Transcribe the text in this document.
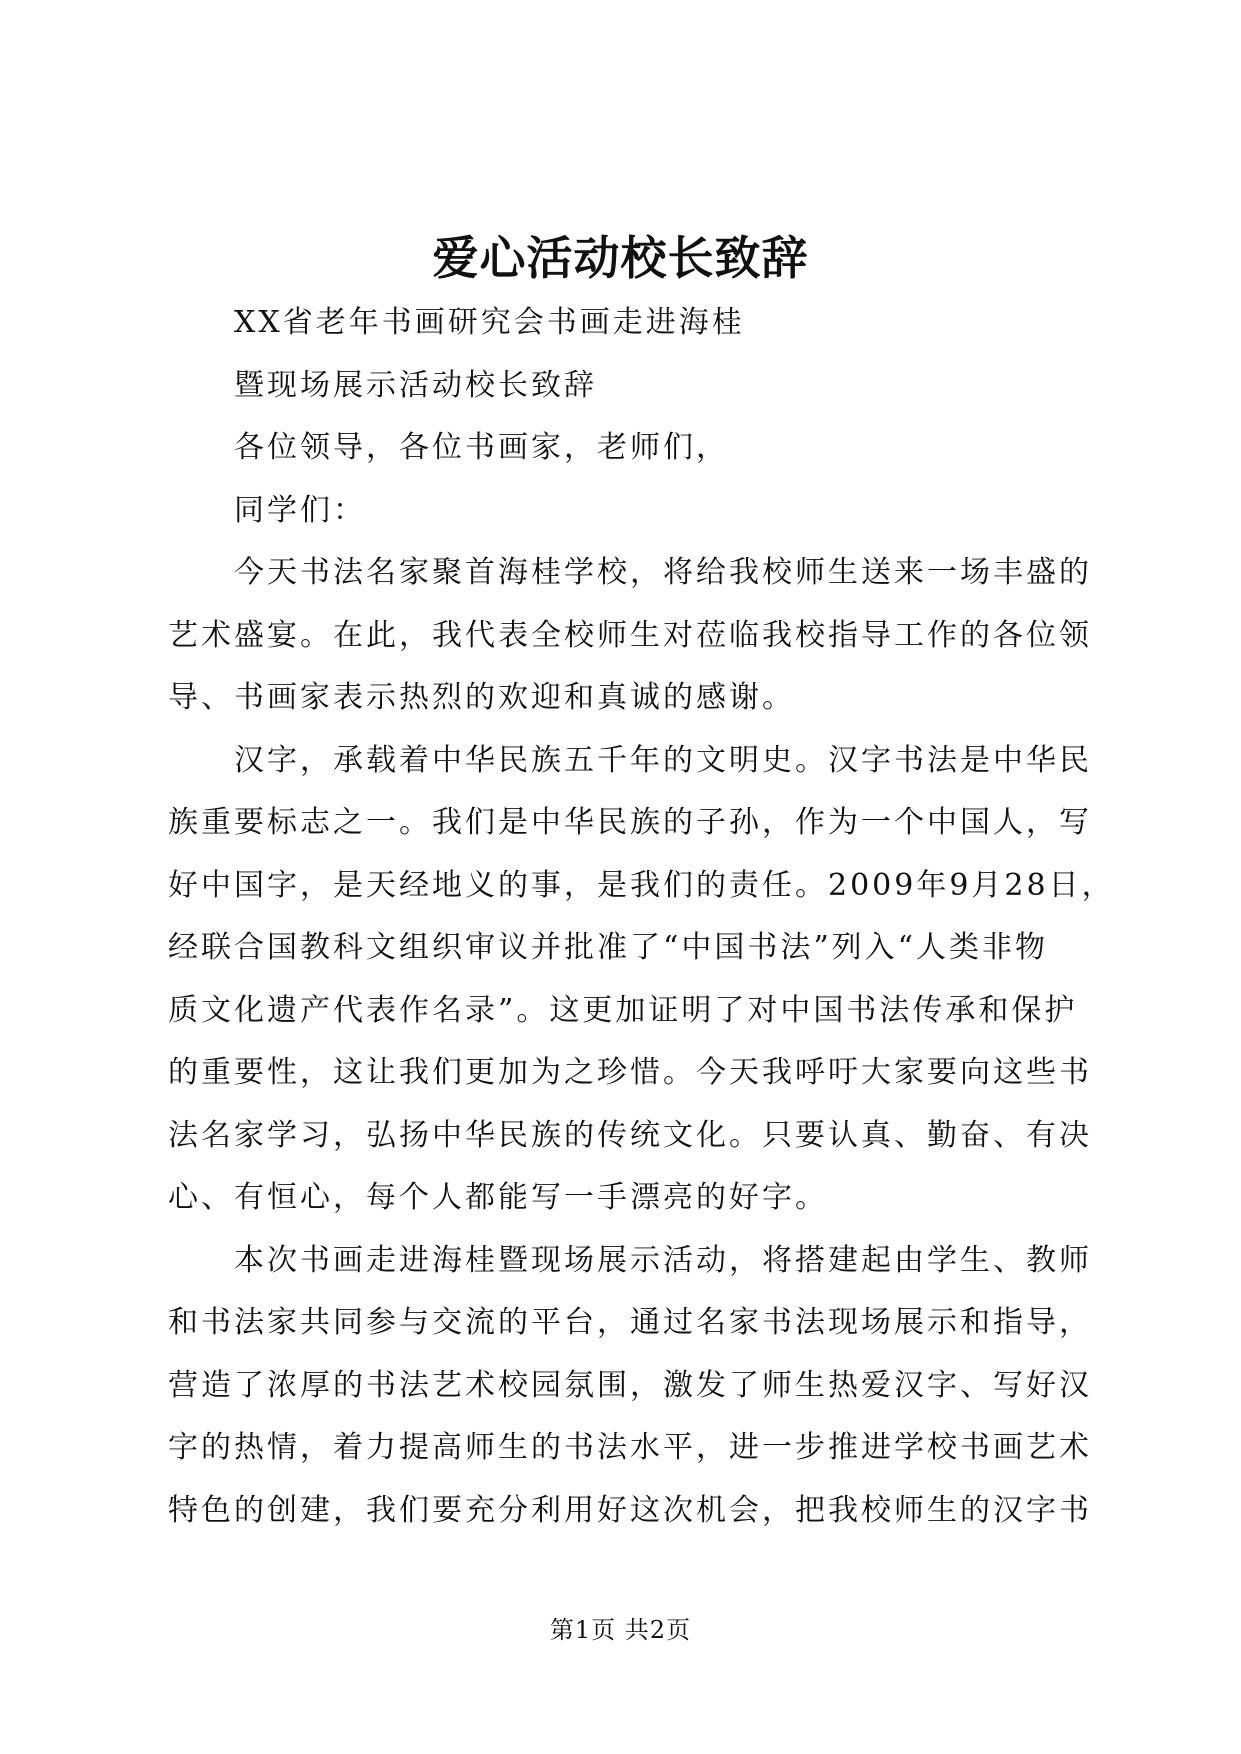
爱心活动校长致辞
XX省老年书画研究会书画走进海桂
暨现场展示活动校长致辞
各位领导，各位书画家，老师们，
同学们：
今天书法名家聚首海桂学校，将给我校师生送来一场丰盛的
艺术盛宴。在此，我代表全校师生对莅临我校指导工作的各位领
导、书画家表示热烈的欢迎和真诚的感谢。
汉字，承载着中华民族五千年的文明史。汉字书法是中华民
族重要标志之一。我们是中华民族的子孙，作为一个中国人，写
好中国字，是天经地义的事，是我们的责任。2009年9月28日，
经联合国教科文组织审议并批准了“中国书法”列入“人类非物
质文化遗产代表作名录”。这更加证明了对中国书法传承和保护
的重要性，这让我们更加为之珍惜。今天我呼吁大家要向这些书
法名家学习，弘扬中华民族的传统文化。只要认真、勤奋、有决
心、有恒心，每个人都能写一手漂亮的好字。
本次书画走进海桂暨现场展示活动，将搭建起由学生、教师
和书法家共同参与交流的平台，通过名家书法现场展示和指导，
营造了浓厚的书法艺术校园氛围，激发了师生热爱汉字、写好汉
字的热情，着力提高师生的书法水平，进一步推进学校书画艺术
特色的创建，我们要充分利用好这次机会，把我校师生的汉字书
第1页 共2页
